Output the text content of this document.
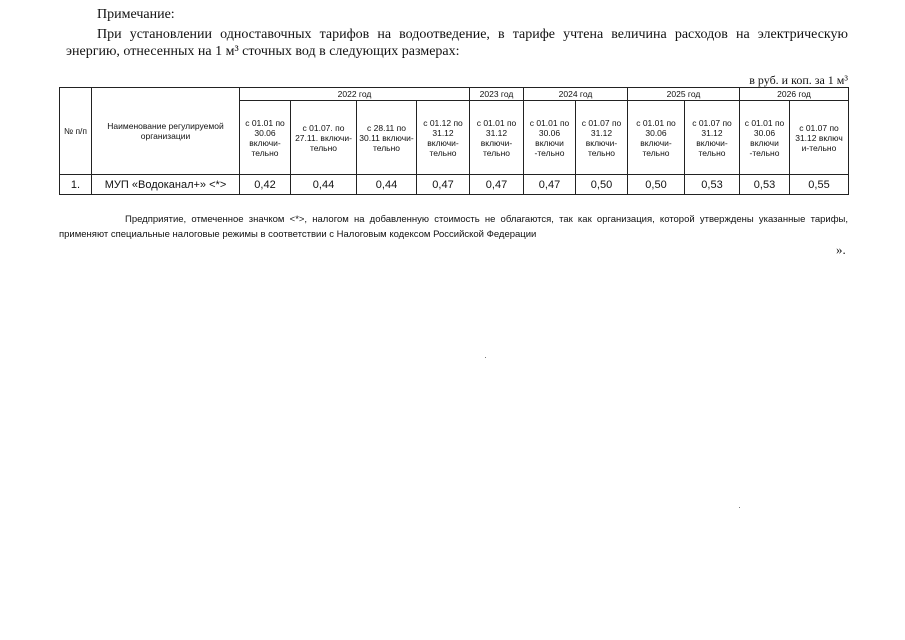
Примечание:
При установлении одноставочных тарифов на водоотведение, в тарифе учтена величина расходов на электрическую энергию, отнесенных на 1 м³ сточных вод в следующих размерах:
в руб. и коп. за 1 м³
№ п/п	Наименование регулируемой организации	2022 год				2023 год	2024 год		2025 год		2026 год	
		с 01.01 по 30.06 включи-тельно	с 01.07. по 27.11. включи-тельно	с 28.11 по 30.11 включи-тельно	с 01.12 по 31.12 включи-тельно	с 01.01 по 31.12 включи-тельно	с 01.01 по 30.06 включи -тельно	с 01.07 по 31.12 включи-тельно	с 01.01 по 30.06 включи-тельно	с 01.07 по 31.12 включи-тельно	с 01.01 по 30.06 включи -тельно	с 01.07 по 31.12 включ и-тельно
1.	МУП «Водоканал+» <*>	0,42	0,44	0,44	0,47	0,47	0,47	0,50	0,50	0,53	0,53	0,55
Предприятие, отмеченное значком <*>, налогом на добавленную стоимость не облагаются, так как организация, которой утверждены указанные тарифы, применяют специальные налоговые режимы в соответствии с Налоговым кодексом Российской Федерации
».
